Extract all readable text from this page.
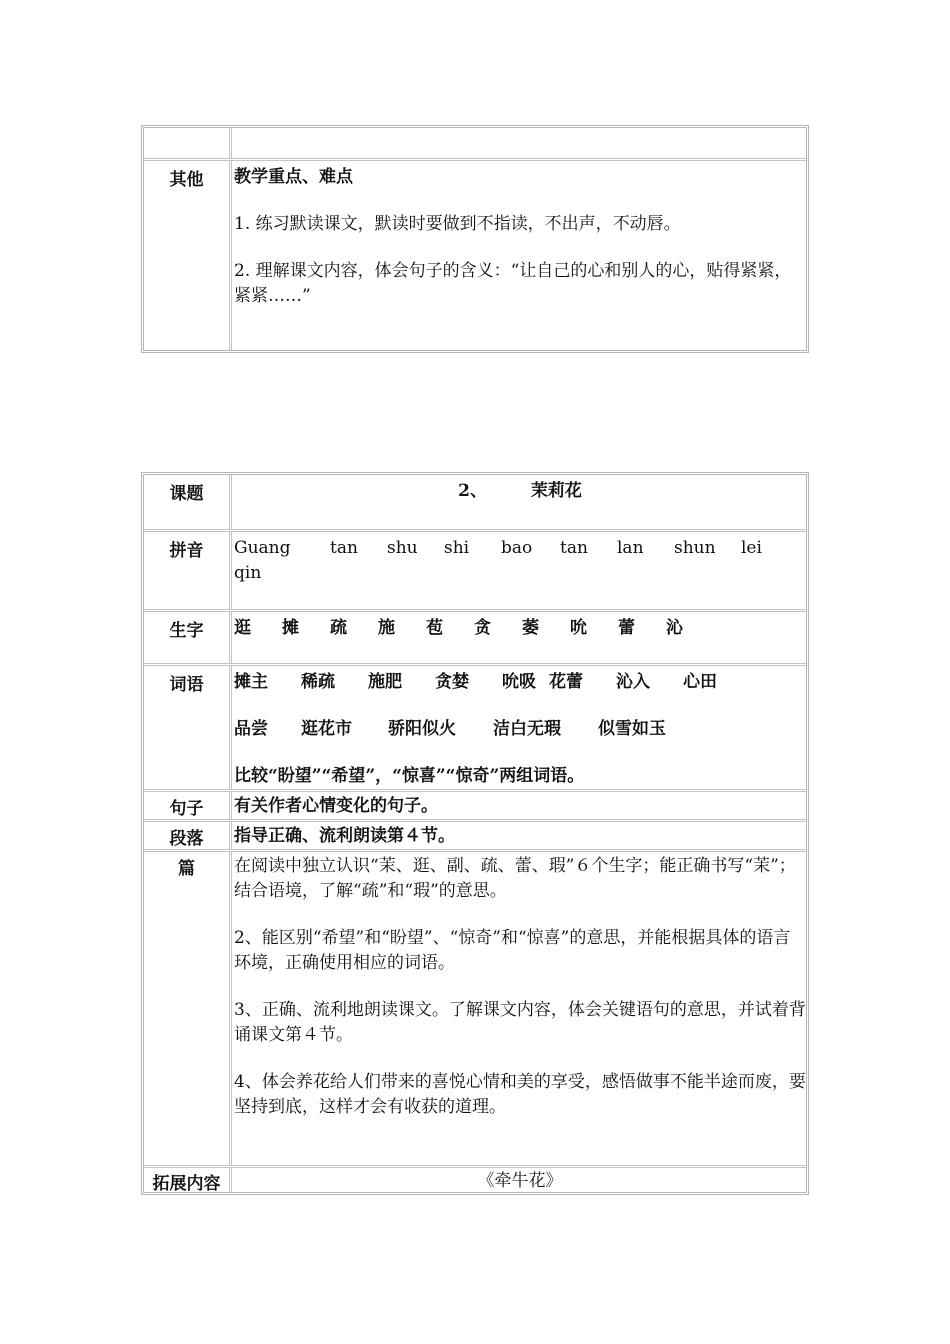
其他	教学重点、难点

1. 练习默读课文，默读时要做到不指读，不出声，不动唇。

2. 理解课文内容，体会句子的含义：“让自己的心和别人的心，贴得紧紧，紧紧……”

课题	2、	茉莉花
拼音	Guang tan shu shi bao tan lan shun lei
qin
生字	逛 摊 疏 施 苞 贪 萎 吮 蕾 沁
词语	摊主 稀疏 施肥 贪婪 吮吸 花蕾 沁入 心田
品尝 逛花市 骄阳似火 洁白无瑕 似雪如玉

比较“盼望”“希望”，“惊喜”“惊奇”两组词语。

句子	有关作者心情变化的句子。
段落	指导正确、流利朗读第４节。
篇	在阅读中独立认识“茉、逛、副、疏、蕾、瑕”６个生字；能正确书写“茉”；结合语境，了解“疏”和“瑕”的意思。

2、能区别“希望”和“盼望”、“惊奇”和“惊喜”的意思，并能根据具体的语言环境，正确使用相应的词语。

3、正确、流利地朗读课文。了解课文内容，体会关键语句的意思，并试着背诵课文第４节。

4、体会养花给人们带来的喜悦心情和美的享受，感悟做事不能半途而废，要坚持到底，这样才会有收获的道理。

拓展内容	《牵牛花》
